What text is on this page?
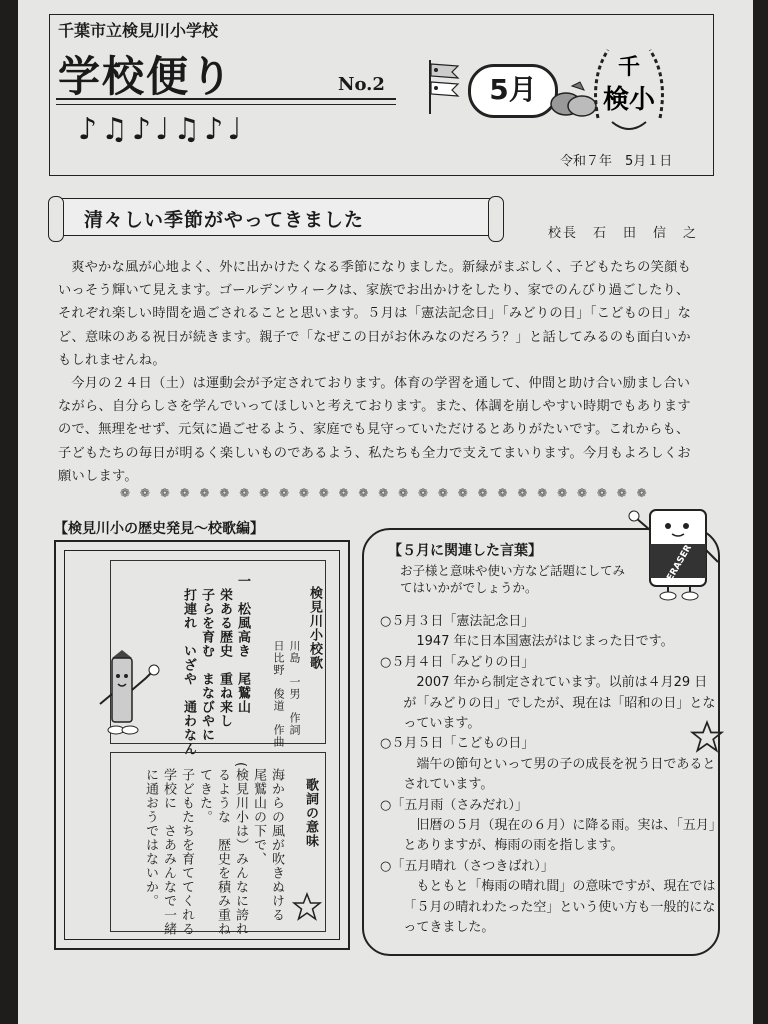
千葉市立検見川小学校
学校便り	No.2
♪♫♪♩♫♪♩
5月
千
検小
令和７年　5月１日
清々しい季節がやってきました
校長　石　田　信　之

爽やかな風が心地よく、外に出かけたくなる季節になりました。新緑がまぶしく、子どもたちの笑顔もいっそう輝いて見えます。ゴールデンウィークは、家族でお出かけをしたり、家でのんびり過ごしたり、それぞれ楽しい時間を過ごされることと思います。５月は「憲法記念日」「みどりの日」「こどもの日」など、意味のある祝日が続きます。親子で「なぜこの日がお休みなのだろう？」と話してみるのも面白いかもしれませんね。

今月の２４日（土）は運動会が予定されております。体育の学習を通して、仲間と助け合い励まし合いながら、自分らしさを学んでいってほしいと考えております。また、体調を崩しやすい時期でもありますので、無理をせず、元気に過ごせるよう、家庭でも見守っていただけるとありがたいです。これからも、子どもたちの毎日が明るく楽しいものであるよう、私たちも全力で支えてまいります。今月もよろしくお願いします。

❁ ❁ ❁ ❁ ❁ ❁ ❁ ❁ ❁ ❁ ❁ ❁ ❁ ❁ ❁ ❁ ❁ ❁ ❁ ❁ ❁ ❁ ❁ ❁ ❁ ❁ ❁
【検見川小の歴史発見～校歌編】
検見川小校歌
川島　一男　作詞
日比野　俊道　作曲
一　松風高き　尾鷲山
栄ある歴史　重ね来し
子らを育む　まなびやに
打連れ　いざや　通わなん
歌詞の意味
海からの風が吹きぬける
尾鷲山の下で、
(検見川小は）みんなに誇れ
るような　歴史を積み重ね
てきた。
子どもたちを育ててくれる
学校に　さあみんなで一緒
に通おうではないか。
【５月に関連した言葉】
お子様と意味や使い方など話題にしてみてはいかがでしょうか。
ERASER

○５月３日「憲法記念日」

1947 年に日本国憲法がはじまった日です。

○５月４日「みどりの日」

2007 年から制定されています。以前は４月29 日が「みどりの日」でしたが、現在は「昭和の日」となっています。

○５月５日「こどもの日」

端午の節句といって男の子の成長を祝う日であるとされています。

○「五月雨（さみだれ）」

旧暦の５月（現在の６月）に降る雨。実は、「五月」とありますが、梅雨の雨を指します。

○「五月晴れ（さつきばれ）」

もともと「梅雨の晴れ間」の意味ですが、現在では「５月の晴れわたった空」という使い方も一般的になってきました。
